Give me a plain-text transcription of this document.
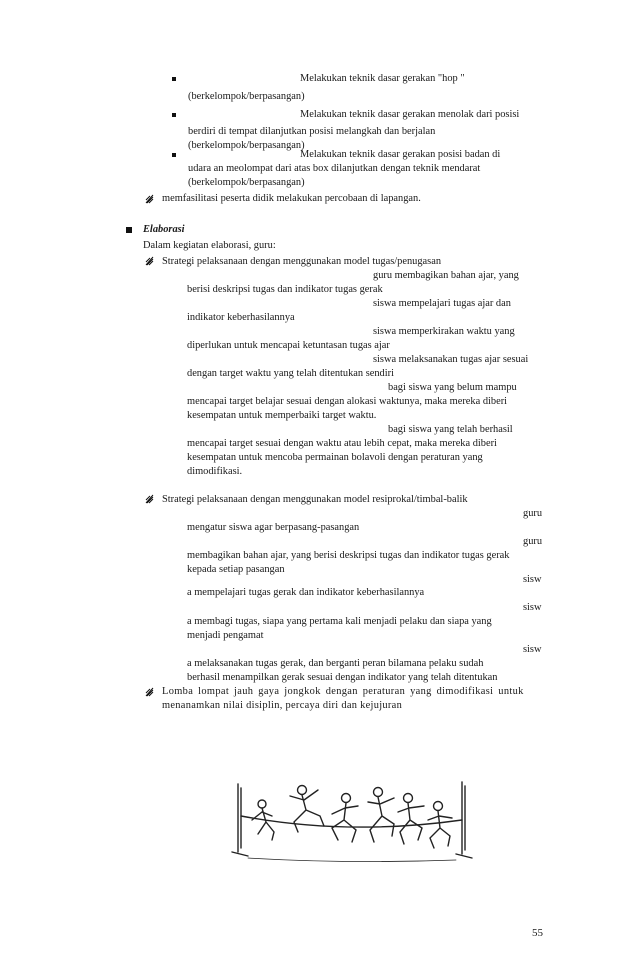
Melakukan teknik dasar gerakan "hop "
(berkelompok/berpasangan)
Melakukan teknik dasar gerakan menolak dari posisi
berdiri di tempat dilanjutkan posisi melangkah dan berjalan
(berkelompok/berpasangan)
Melakukan teknik dasar gerakan posisi badan di
udara an meolompat dari atas box dilanjutkan dengan teknik mendarat
(berkelompok/berpasangan)
memfasilitasi peserta didik melakukan percobaan di lapangan.
Elaborasi
Dalam kegiatan elaborasi, guru:
Strategi pelaksanaan dengan menggunakan model tugas/penugasan
guru membagikan bahan ajar, yang
berisi deskripsi tugas dan indikator tugas gerak
siswa mempelajari tugas ajar dan
indikator keberhasilannya
siswa memperkirakan waktu yang
diperlukan untuk mencapai ketuntasan tugas ajar
siswa melaksanakan tugas ajar sesuai
dengan target waktu yang telah ditentukan sendiri
bagi siswa yang belum mampu
mencapai target belajar sesuai dengan alokasi waktunya, maka mereka diberi
kesempatan untuk memperbaiki target waktu.
bagi siswa yang telah berhasil
mencapai target sesuai dengan waktu atau lebih cepat, maka mereka diberi
kesempatan untuk mencoba permainan bolavoli dengan peraturan yang
dimodifikasi.
Strategi pelaksanaan dengan menggunakan model resiprokal/timbal-balik
guru
mengatur siswa agar berpasang-pasangan
guru
membagikan bahan ajar, yang berisi deskripsi tugas dan indikator tugas gerak
kepada setiap pasangan
sisw
a mempelajari tugas gerak dan indikator keberhasilannya
sisw
a membagi tugas, siapa yang pertama kali menjadi pelaku dan siapa yang
menjadi pengamat
sisw
a melaksanakan tugas gerak, dan berganti peran bilamana pelaku sudah
berhasil menampilkan gerak sesuai dengan indikator yang telah ditentukan
Lomba lompat jauh gaya jongkok dengan peraturan yang dimodifikasi untuk
menanamkan nilai disiplin, percaya diri dan kejujuran
55
